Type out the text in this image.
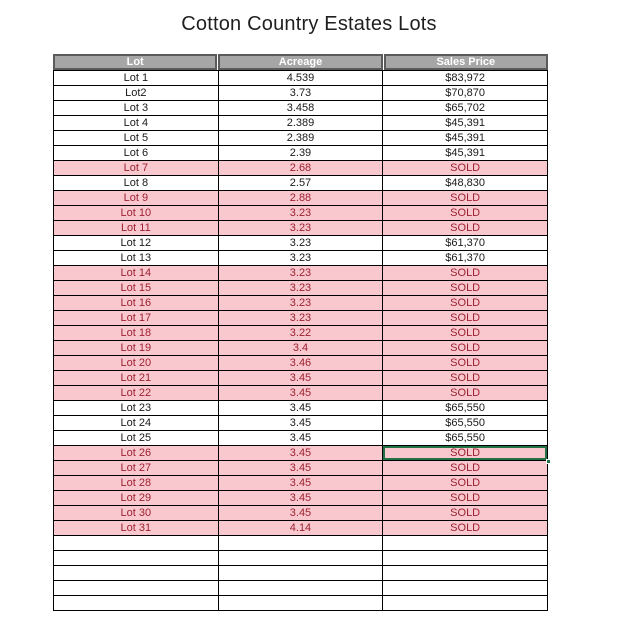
Cotton Country Estates Lots
Lot	Acreage	Sales Price
Lot 1	4.539	$83,972
Lot2	3.73	$70,870
Lot 3	3.458	$65,702
Lot 4	2.389	$45,391
Lot 5	2.389	$45,391
Lot 6	2.39	$45,391
Lot 7	2.68	SOLD
Lot 8	2.57	$48,830
Lot 9	2.88	SOLD
Lot 10	3.23	SOLD
Lot 11	3.23	SOLD
Lot 12	3.23	$61,370
Lot 13	3.23	$61,370
Lot 14	3.23	SOLD
Lot 15	3.23	SOLD
Lot 16	3.23	SOLD
Lot 17	3.23	SOLD
Lot 18	3.22	SOLD
Lot 19	3.4	SOLD
Lot 20	3.46	SOLD
Lot 21	3.45	SOLD
Lot 22	3.45	SOLD
Lot 23	3.45	$65,550
Lot 24	3.45	$65,550
Lot 25	3.45	$65,550
Lot 26	3.45	SOLD

Lot 27	3.45	SOLD
Lot 28	3.45	SOLD
Lot 29	3.45	SOLD
Lot 30	3.45	SOLD
Lot 31	4.14	SOLD
